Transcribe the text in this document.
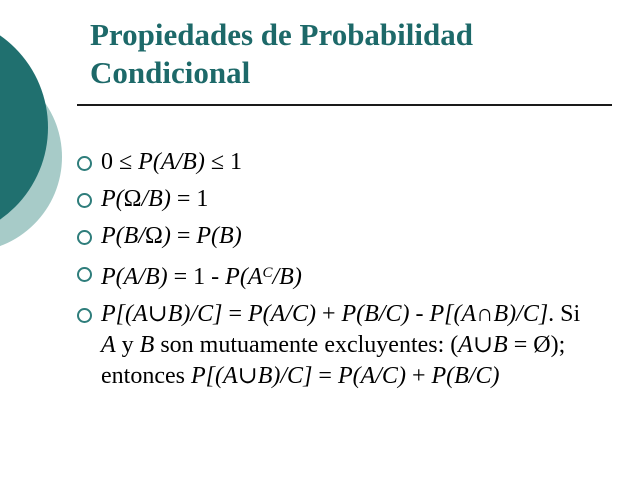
Propiedades de Probabilidad
Condicional
0 ≤ P(A/B) ≤ 1
P(Ω/B) = 1
P(B/Ω) = P(B)
$P(A/B) = 1 - P(A^C/B)$
P[(A∪B)/C] = P(A/C) + P(B/C) - P[(A∩B)/C]. Si
A y B son mutuamente excluyentes: (A∪B = Ø);
entonces P[(A∪B)/C] = P(A/C) + P(B/C)
